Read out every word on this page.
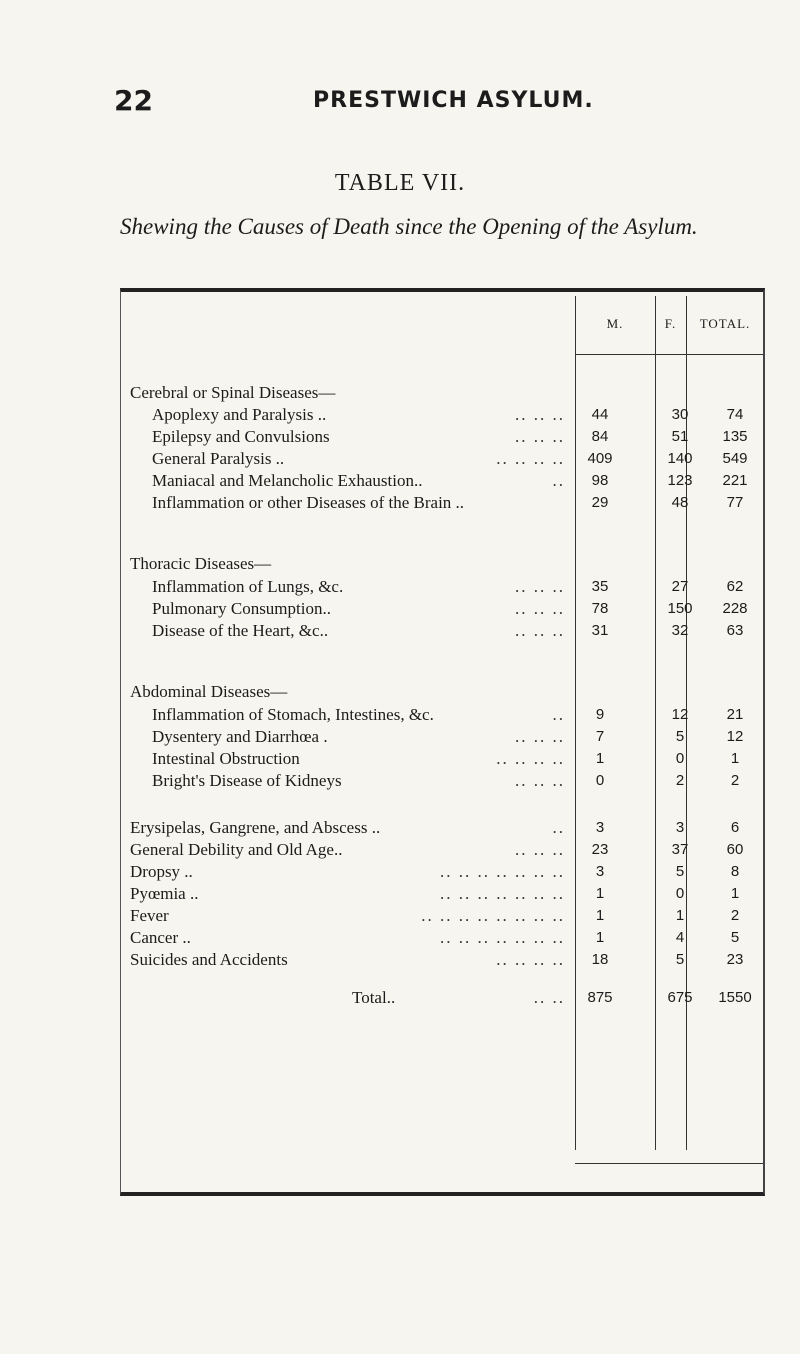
22	PRESTWICH ASYLUM.
TABLE VII.
Shewing the Causes of Death since the Opening of the Asylum.
M.	F.	TOTAL.
Cerebral or Spinal Diseases—
Apoplexy and Paralysis ..	.. .. ..	44	30	74
Epilepsy and Convulsions	.. .. ..	84	51	135
General Paralysis ..	.. .. .. ..	409	140	549
Maniacal and Melancholic Exhaustion..	..	98	123	221
Inflammation or other Diseases of the Brain ..	29	48	77
Thoracic Diseases—
Inflammation of Lungs, &c.	.. .. ..	35	27	62
Pulmonary Consumption..	.. .. ..	78	150	228
Disease of the Heart, &c..	.. .. ..	31	32	63
Abdominal Diseases—
Inflammation of Stomach, Intestines, &c.	..	9	12	21
Dysentery and Diarrhœa .	.. .. ..	7	5	12
Intestinal Obstruction	.. .. .. ..	1	0	1
Bright's Disease of Kidneys	.. .. ..	0	2	2
Erysipelas, Gangrene, and Abscess ..	..	3	3	6
General Debility and Old Age..	.. .. ..	23	37	60
Dropsy ..	.. .. .. .. .. .. ..	3	5	8
Pyœmia ..	.. .. .. .. .. .. ..	1	0	1
Fever	.. .. .. .. .. .. .. ..	1	1	2
Cancer ..	.. .. .. .. .. .. ..	1	4	5
Suicides and Accidents	.. .. .. ..	18	5	23
Total..	.. ..	875	675	1550
